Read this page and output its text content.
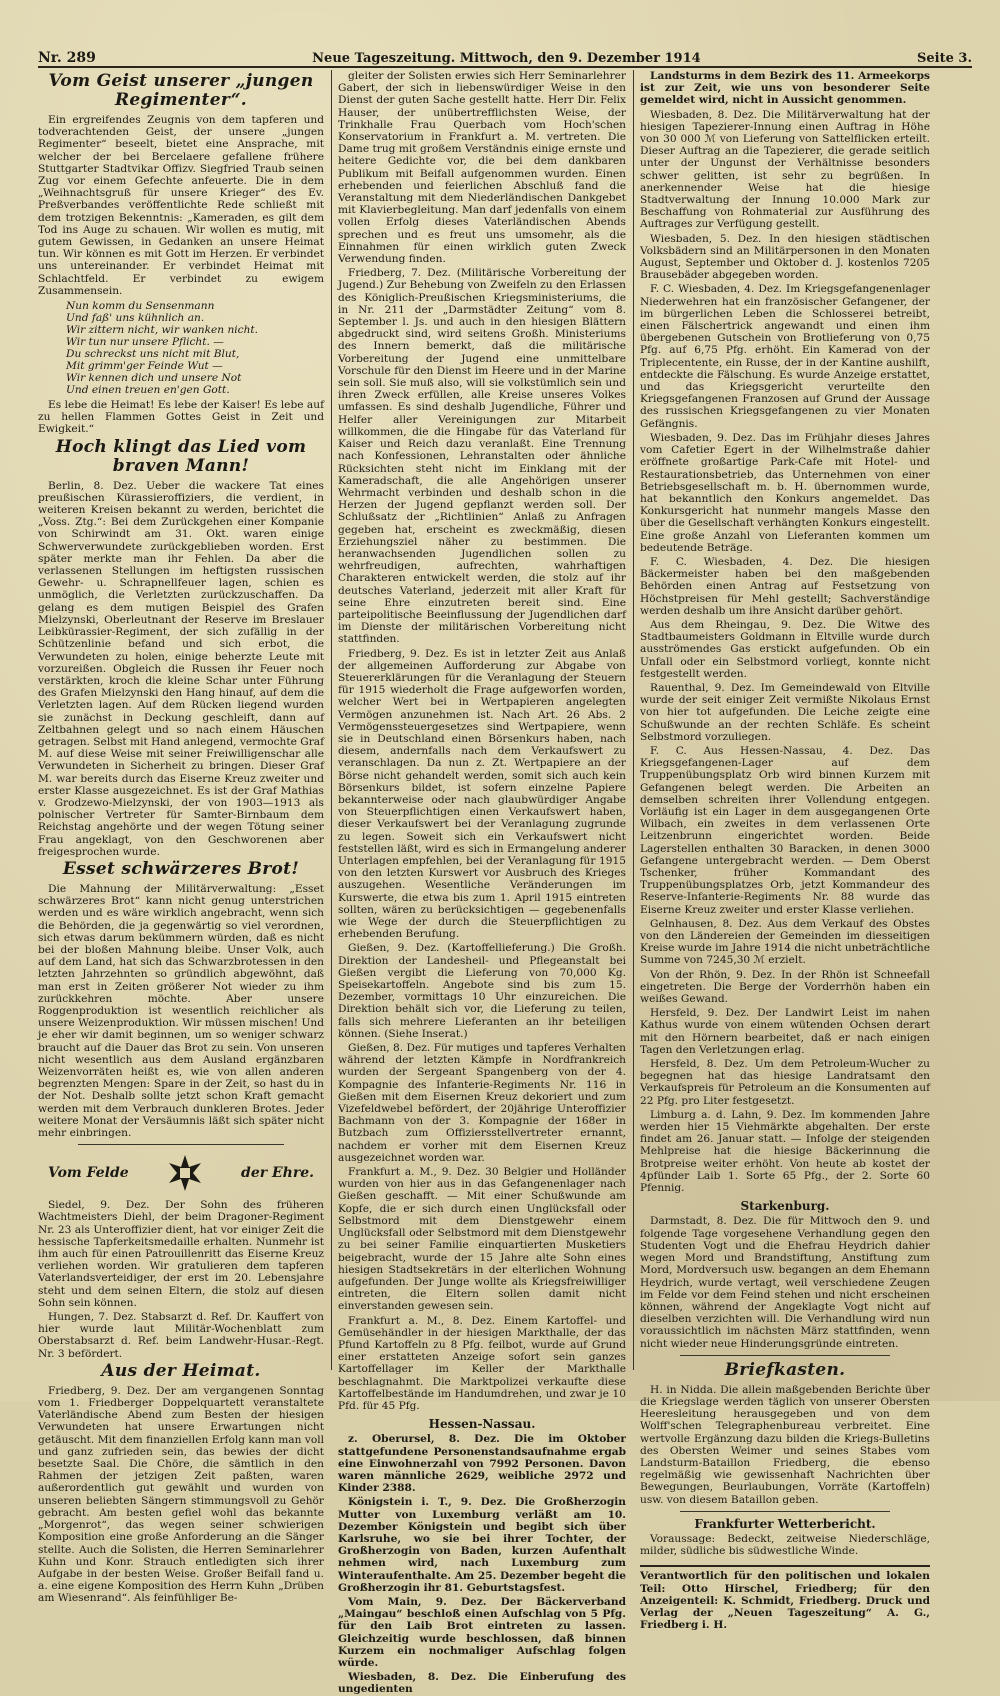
Nr. 289	Neue Tageszeitung. Mittwoch, den 9. Dezember 1914	Seite 3.
Vom Geist unserer „jungen Regimenter“.

Ein ergreifendes Zeugnis von dem tapferen und todverachtenden Geist, der unsere „jungen Regimenter“ beseelt, bietet eine Ansprache, mit welcher der bei Bercelaere gefallene frühere Stuttgarter Stadtvikar Offizv. Siegfried Traub seinen Zug vor einem Gefechte anfeuerte. Die in dem „Weihnachtsgruß für unsere Krieger“ des Ev. Preßverbandes veröffentlichte Rede schließt mit dem trotzigen Bekenntnis: „Kameraden, es gilt dem Tod ins Auge zu schauen. Wir wollen es mutig, mit gutem Gewissen, in Gedanken an unsere Heimat tun. Wir können es mit Gott im Herzen. Er verbindet uns untereinander. Er verbindet Heimat mit Schlachtfeld. Er verbindet zu ewigem Zusammensein.

Nun komm du Sensenmann
Und faß' uns kühnlich an.
Wir zittern nicht, wir wanken nicht.
Wir tun nur unsere Pflicht. —
Du schreckst uns nicht mit Blut,
Mit grimm'ger Feinde Wut —
Wir kennen dich und unsere Not
Und einen treuen en'gen Gott.

Es lebe die Heimat! Es lebe der Kaiser! Es lebe auf zu hellen Flammen Gottes Geist in Zeit und Ewigkeit.“

Hoch klingt das Lied vom braven Mann!

Berlin, 8. Dez. Ueber die wackere Tat eines preußischen Kürassieroffiziers, die verdient, in weiteren Kreisen bekannt zu werden, berichtet die „Voss. Ztg.“: Bei dem Zurückgehen einer Kompanie von Schirwindt am 31. Okt. waren einige Schwerverwundete zurückgeblieben worden. Erst später merkte man ihr Fehlen. Da aber die verlassenen Stellungen im heftigsten russischen Gewehr- u. Schrapnellfeuer lagen, schien es unmöglich, die Verletzten zurückzuschaffen. Da gelang es dem mutigen Beispiel des Grafen Mielzynski, Oberleutnant der Reserve im Breslauer Leibkürassier-Regiment, der sich zufällig in der Schützenlinie befand und sich erbot, die Verwundeten zu holen, einige beherzte Leute mit vorzureißen. Obgleich die Russen ihr Feuer noch verstärkten, kroch die kleine Schar unter Führung des Grafen Mielzynski den Hang hinauf, auf dem die Verletzten lagen. Auf dem Rücken liegend wurden sie zunächst in Deckung geschleift, dann auf Zeltbahnen gelegt und so nach einem Häuschen getragen. Selbst mit Hand anlegend, vermochte Graf M. auf diese Weise mit seiner Freiwilligenschar alle Verwundeten in Sicherheit zu bringen. Dieser Graf M. war bereits durch das Eiserne Kreuz zweiter und erster Klasse ausgezeichnet. Es ist der Graf Mathias v. Grodzewo-Mielzynski, der von 1903—1913 als polnischer Vertreter für Samter-Birnbaum dem Reichstag angehörte und der wegen Tötung seiner Frau angeklagt, von den Geschworenen aber freigesprochen wurde.

Esset schwärzeres Brot!

Die Mahnung der Militärverwaltung: „Esset schwärzeres Brot“ kann nicht genug unterstrichen werden und es wäre wirklich angebracht, wenn sich die Behörden, die ja gegenwärtig so viel verordnen, sich etwas darum bekümmern würden, daß es nicht bei der bloßen Mahnung bleibe. Unser Volk, auch auf dem Land, hat sich das Schwarzbrotessen in den letzten Jahrzehnten so gründlich abgewöhnt, daß man erst in Zeiten größerer Not wieder zu ihm zurückkehren möchte. Aber unsere Roggenproduktion ist wesentlich reichlicher als unsere Weizenproduktion. Wir müssen mischen! Und je eher wir damit beginnen, um so weniger schwarz braucht auf die Dauer das Brot zu sein. Von unseren nicht wesentlich aus dem Ausland ergänzbaren Weizenvorräten heißt es, wie von allen anderen begrenzten Mengen: Spare in der Zeit, so hast du in der Not. Deshalb sollte jetzt schon Kraft gemacht werden mit dem Verbrauch dunkleren Brotes. Jeder weitere Monat der Versäumnis läßt sich später nicht mehr einbringen.

Vom Felde	der Ehre.

Siedel, 9. Dez. Der Sohn des früheren Wachtmeisters Diehl, der beim Dragoner-Regiment Nr. 23 als Unteroffizier dient, hat vor einiger Zeit die hessische Tapferkeitsmedaille erhalten. Nunmehr ist ihm auch für einen Patrouillenritt das Eiserne Kreuz verliehen worden. Wir gratulieren dem tapferen Vaterlandsverteidiger, der erst im 20. Lebensjahre steht und dem seinen Eltern, die stolz auf diesen Sohn sein können.

Hungen, 7. Dez. Stabsarzt d. Ref. Dr. Kauffert von hier wurde laut Militär-Wochenblatt zum Oberstabsarzt d. Ref. beim Landwehr-Husar.-Regt. Nr. 3 befördert.

Aus der Heimat.

Friedberg, 9. Dez. Der am vergangenen Sonntag vom 1. Friedberger Doppelquartett veranstaltete Vaterländische Abend zum Besten der hiesigen Verwundeten hat unsere Erwartungen nicht getäuscht. Mit dem finanziellen Erfolg kann man voll und ganz zufrieden sein, das bewies der dicht besetzte Saal. Die Chöre, die sämtlich in den Rahmen der jetzigen Zeit paßten, waren außerordentlich gut gewählt und wurden von unseren beliebten Sängern stimmungsvoll zu Gehör gebracht. Am besten gefiel wohl das bekannte „Morgenrot“, das wegen seiner schwierigen Komposition eine große Anforderung an die Sänger stellte. Auch die Solisten, die Herren Seminarlehrer Kuhn und Konr. Strauch entledigten sich ihrer Aufgabe in der besten Weise. Großer Beifall fand u. a. eine eigene Komposition des Herrn Kuhn „Drüben am Wiesenrand“. Als feinfühliger Be-

gleiter der Solisten erwies sich Herr Seminarlehrer Gabert, der sich in liebenswürdiger Weise in den Dienst der guten Sache gestellt hatte. Herr Dir. Felix Hauser, der unübertrefflichsten Weise, der Trinkhalle Frau Querbach vom Hoch'schen Konservatorium in Frankfurt a. M. vertreten. Die Dame trug mit großem Verständnis einige ernste und heitere Gedichte vor, die bei dem dankbaren Publikum mit Beifall aufgenommen wurden. Einen erhebenden und feierlichen Abschluß fand die Veranstaltung mit dem Niederländischen Dankgebet mit Klavierbegleitung. Man darf jedenfalls von einem vollen Erfolg dieses Vaterländischen Abends sprechen und es freut uns umsomehr, als die Einnahmen für einen wirklich guten Zweck Verwendung finden.

Friedberg, 7. Dez. (Militärische Vorbereitung der Jugend.) Zur Behebung von Zweifeln zu den Erlassen des Königlich-Preußischen Kriegsministeriums, die in Nr. 211 der „Darmstädter Zeitung“ vom 8. September l. Js. und auch in den hiesigen Blättern abgedruckt sind, wird seitens Großh. Ministeriums des Innern bemerkt, daß die militärische Vorbereitung der Jugend eine unmittelbare Vorschule für den Dienst im Heere und in der Marine sein soll. Sie muß also, will sie volkstümlich sein und ihren Zweck erfüllen, alle Kreise unseres Volkes umfassen. Es sind deshalb Jugendliche, Führer und Helfer aller Vereinigungen zur Mitarbeit willkommen, die die Hingabe für das Vaterland für Kaiser und Reich dazu veranlaßt. Eine Trennung nach Konfessionen, Lehranstalten oder ähnliche Rücksichten steht nicht im Einklang mit der Kameradschaft, die alle Angehörigen unserer Wehrmacht verbinden und deshalb schon in die Herzen der Jugend gepflanzt werden soll. Der Schlußsatz der „Richtlinien“ Anlaß zu Anfragen gegeben hat, erscheint es zweckmäßig, diesen Erziehungsziel näher zu bestimmen. Die heranwachsenden Jugendlichen sollen zu wehrfreudigen, aufrechten, wahrhaftigen Charakteren entwickelt werden, die stolz auf ihr deutsches Vaterland, jederzeit mit aller Kraft für seine Ehre einzutreten bereit sind. Eine parteipolitische Beeinflussung der Jugendlichen darf im Dienste der militärischen Vorbereitung nicht stattfinden.

Friedberg, 9. Dez. Es ist in letzter Zeit aus Anlaß der allgemeinen Aufforderung zur Abgabe von Steuererklärungen für die Veranlagung der Steuern für 1915 wiederholt die Frage aufgeworfen worden, welcher Wert bei in Wertpapieren angelegten Vermögen anzunehmen ist. Nach Art. 26 Abs. 2 Vermögenssteuergesetzes sind Wertpapiere, wenn sie in Deutschland einen Börsenkurs haben, nach diesem, andernfalls nach dem Verkaufswert zu veranschlagen. Da nun z. Zt. Wertpapiere an der Börse nicht gehandelt werden, somit sich auch kein Börsenkurs bildet, ist sofern einzelne Papiere bekannterweise oder nach glaubwürdiger Angabe von Steuerpflichtigen einen Verkaufswert haben, dieser Verkaufswert bei der Veranlagung zugrunde zu legen. Soweit sich ein Verkaufswert nicht feststellen läßt, wird es sich in Ermangelung anderer Unterlagen empfehlen, bei der Veranlagung für 1915 von den letzten Kurswert vor Ausbruch des Krieges auszugehen. Wesentliche Veränderungen im Kurswerte, die etwa bis zum 1. April 1915 eintreten sollten, wären zu berücksichtigen — gegebenenfalls wie Wege der durch die Steuerpflichtigen zu erhebenden Berufung.

Gießen, 9. Dez. (Kartoffellieferung.) Die Großh. Direktion der Landesheil- und Pflegeanstalt bei Gießen vergibt die Lieferung von 70,000 Kg. Speisekartoffeln. Angebote sind bis zum 15. Dezember, vormittags 10 Uhr einzureichen. Die Direktion behält sich vor, die Lieferung zu teilen, falls sich mehrere Lieferanten an ihr beteiligen können. (Siehe Inserat.)

Gießen, 8. Dez. Für mutiges und tapferes Verhalten während der letzten Kämpfe in Nordfrankreich wurden der Sergeant Spangenberg von der 4. Kompagnie des Infanterie-Regiments Nr. 116 in Gießen mit dem Eisernen Kreuz dekoriert und zum Vizefeldwebel befördert, der 20jährige Unteroffizier Bachmann von der 3. Kompagnie der 168er in Butzbach zum Offiziersstellvertreter ernannt, nachdem er vorher mit dem Eisernen Kreuz ausgezeichnet worden war.

Frankfurt a. M., 9. Dez. 30 Belgier und Holländer wurden von hier aus in das Gefangenenlager nach Gießen geschafft. — Mit einer Schußwunde am Kopfe, die er sich durch einen Unglücksfall oder Selbstmord mit dem Dienstgewehr einem Unglücksfall oder Selbstmord mit dem Dienstgewehr zu bei seiner Familie einquartierten Musketiers beigebracht, wurde der 15 Jahre alte Sohn eines hiesigen Stadtsekretärs in der elterlichen Wohnung aufgefunden. Der Junge wollte als Kriegsfreiwilliger eintreten, die Eltern sollen damit nicht einverstanden gewesen sein.

Frankfurt a. M., 8. Dez. Einem Kartoffel- und Gemüsehändler in der hiesigen Markthalle, der das Pfund Kartoffeln zu 8 Pfg. feilbot, wurde auf Grund einer erstatteten Anzeige sofort sein ganzes Kartoffellager im Keller der Markthalle beschlagnahmt. Die Marktpolizei verkaufte diese Kartoffelbestände im Handumdrehen, und zwar je 10 Pfd. für 45 Pfg.

Hessen-Nassau.

z. Oberursel, 8. Dez. Die im Oktober stattgefundene Personenstandsaufnahme ergab eine Einwohnerzahl von 7992 Personen. Davon waren männliche 2629, weibliche 2972 und Kinder 2388.

Königstein i. T., 9. Dez. Die Großherzogin Mutter von Luxemburg verläßt am 10. Dezember Königstein und begibt sich über Karlsruhe, wo sie bei ihrer Tochter, der Großherzogin von Baden, kurzen Aufenthalt nehmen wird, nach Luxemburg zum Winteraufenthalte. Am 25. Dezember begeht die Großherzogin ihr 81. Geburtstagsfest.

Vom Main, 9. Dez. Der Bäckerverband „Maingau“ beschloß einen Aufschlag von 5 Pfg. für den Laib Brot eintreten zu lassen. Gleichzeitig wurde beschlossen, daß binnen Kurzem ein nochmaliger Aufschlag folgen würde.

Wiesbaden, 8. Dez. Die Einberufung des ungedienten

Landsturms in dem Bezirk des 11. Armeekorps ist zur Zeit, wie uns von besonderer Seite gemeldet wird, nicht in Aussicht genommen.

Wiesbaden, 8. Dez. Die Militärverwaltung hat der hiesigen Tapezierer-Innung einen Auftrag in Höhe von 30 000 ℳ von Lieferung von Sattelflicken erteilt. Dieser Auftrag an die Tapezierer, die gerade seitlich unter der Ungunst der Verhältnisse besonders schwer gelitten, ist sehr zu begrüßen. In anerkennender Weise hat die hiesige Stadtverwaltung der Innung 10.000 Mark zur Beschaffung von Rohmaterial zur Ausführung des Auftrages zur Verfügung gestellt.

Wiesbaden, 5. Dez. In den hiesigen städtischen Volksbädern sind an Militärpersonen in den Monaten August, September und Oktober d. J. kostenlos 7205 Brausebäder abgegeben worden.

F. C. Wiesbaden, 4. Dez. Im Kriegsgefangenenlager Niederwehren hat ein französischer Gefangener, der im bürgerlichen Leben die Schlosserei betreibt, einen Fälschertrick angewandt und einen ihm übergebenen Gutschein von Brotlieferung von 0,75 Pfg. auf 6,75 Pfg. erhöht. Ein Kamerad von der Triplecentente, ein Russe, der in der Kantine aushilft, entdeckte die Fälschung. Es wurde Anzeige erstattet, und das Kriegsgericht verurteilte den Kriegsgefangenen Franzosen auf Grund der Aussage des russischen Kriegsgefangenen zu vier Monaten Gefängnis.

Wiesbaden, 9. Dez. Das im Frühjahr dieses Jahres vom Cafetier Egert in der Wilhelmstraße dahier eröffnete großartige Park-Cafe mit Hotel- und Restaurationsbetrieb, das Unternehmen von einer Betriebsgesellschaft m. b. H. übernommen wurde, hat bekanntlich den Konkurs angemeldet. Das Konkursgericht hat nunmehr mangels Masse den über die Gesellschaft verhängten Konkurs eingestellt. Eine große Anzahl von Lieferanten kommen um bedeutende Beträge.

F. C. Wiesbaden, 4. Dez. Die hiesigen Bäckermeister haben bei den maßgebenden Behörden einen Antrag auf Festsetzung von Höchstpreisen für Mehl gestellt; Sachverständige werden deshalb um ihre Ansicht darüber gehört.

Aus dem Rheingau, 9. Dez. Die Witwe des Stadtbaumeisters Goldmann in Eltville wurde durch ausströmendes Gas erstickt aufgefunden. Ob ein Unfall oder ein Selbstmord vorliegt, konnte nicht festgestellt werden.

Rauenthal, 9. Dez. Im Gemeindewald von Eltville wurde der seit einiger Zeit vermißte Nikolaus Ernst von hier tot aufgefunden. Die Leiche zeigte eine Schußwunde an der rechten Schläfe. Es scheint Selbstmord vorzuliegen.

F. C. Aus Hessen-Nassau, 4. Dez. Das Kriegsgefangenen-Lager auf dem Truppenübungsplatz Orb wird binnen Kurzem mit Gefangenen belegt werden. Die Arbeiten an demselben schreiten ihrer Vollendung entgegen. Vorläufig ist ein Lager in dem ausgegangenen Orte Wilbach, ein zweites in dem verlassenen Orte Leitzenbrunn eingerichtet worden. Beide Lagerstellen enthalten 30 Baracken, in denen 3000 Gefangene untergebracht werden. — Dem Oberst Tschenker, früher Kommandant des Truppenübungsplatzes Orb, jetzt Kommandeur des Reserve-Infanterie-Regiments Nr. 88 wurde das Eiserne Kreuz zweiter und erster Klasse verliehen.

Gelnhausen, 8. Dez. Aus dem Verkauf des Obstes von den Ländereien der Gemeinden im diesseitigen Kreise wurde im Jahre 1914 die nicht unbeträchtliche Summe von 7245,30 ℳ erzielt.

Von der Rhön, 9. Dez. In der Rhön ist Schneefall eingetreten. Die Berge der Vorderrhön haben ein weißes Gewand.

Hersfeld, 9. Dez. Der Landwirt Leist im nahen Kathus wurde von einem wütenden Ochsen derart mit den Hörnern bearbeitet, daß er nach einigen Tagen den Verletzungen erlag.

Hersfeld, 8. Dez. Um dem Petroleum-Wucher zu begegnen hat das hiesige Landratsamt den Verkaufspreis für Petroleum an die Konsumenten auf 22 Pfg. pro Liter festgesetzt.

Limburg a. d. Lahn, 9. Dez. Im kommenden Jahre werden hier 15 Viehmärkte abgehalten. Der erste findet am 26. Januar statt. — Infolge der steigenden Mehlpreise hat die hiesige Bäckerinnung die Brotpreise weiter erhöht. Von heute ab kostet der 4pfünder Laib 1. Sorte 65 Pfg., der 2. Sorte 60 Pfennig.

Starkenburg.

Darmstadt, 8. Dez. Die für Mittwoch den 9. und folgende Tage vorgesehene Verhandlung gegen den Studenten Vogt und die Ehefrau Heydrich dahier wegen Mord und Brandstiftung, Anstiftung zum Mord, Mordversuch usw. begangen an dem Ehemann Heydrich, wurde vertagt, weil verschiedene Zeugen im Felde vor dem Feind stehen und nicht erscheinen können, während der Angeklagte Vogt nicht auf dieselben verzichten will. Die Verhandlung wird nun voraussichtlich im nächsten März stattfinden, wenn nicht wieder neue Hinderungsgründe eintreten.

Briefkasten.

H. in Nidda. Die allein maßgebenden Berichte über die Kriegslage werden täglich von unserer Obersten Heeresleitung herausgegeben und von dem Wolff'schen Telegraphenbureau verbreitet. Eine wertvolle Ergänzung dazu bilden die Kriegs-Bulletins des Obersten Weimer und seines Stabes vom Landsturm-Bataillon Friedberg, die ebenso regelmäßig wie gewissenhaft Nachrichten über Bewegungen, Beurlaubungen, Vorräte (Kartoffeln) usw. von diesem Bataillon geben.

Frankfurter Wetterbericht.

Voraussage: Bedeckt, zeitweise Niederschläge, milder, südliche bis südwestliche Winde.

Verantwortlich für den politischen und lokalen Teil: Otto Hirschel, Friedberg; für den Anzeigenteil: K. Schmidt, Friedberg. Druck und Verlag der „Neuen Tageszeitung“ A. G., Friedberg i. H.
